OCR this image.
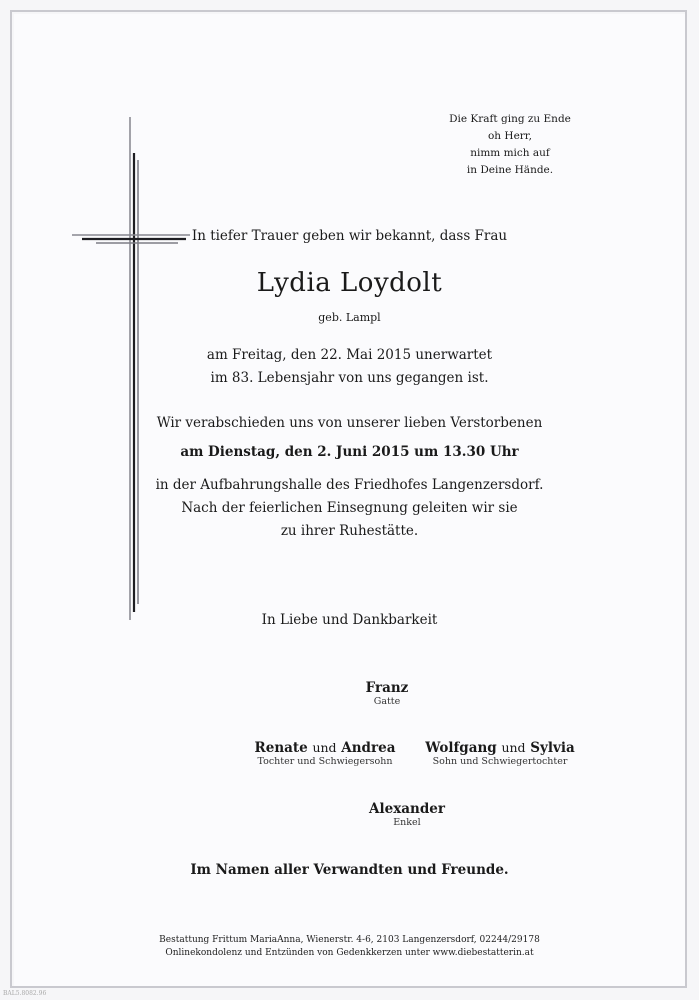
Die Kraft ging zu Ende
oh Herr,
nimm mich auf
in Deine Hände.
In tiefer Trauer geben wir bekannt, dass Frau
Lydia Loydolt
geb. Lampl
am Freitag, den 22. Mai 2015 unerwartet
im 83. Lebensjahr von uns gegangen ist.
Wir verabschieden uns von unserer lieben Verstorbenen
am Dienstag, den 2. Juni 2015 um 13.30 Uhr
in der Aufbahrungshalle des Friedhofes Langenzersdorf.
Nach der feierlichen Einsegnung geleiten wir sie
zu ihrer Ruhestätte.
In Liebe und Dankbarkeit
Franz
Gatte
Renate und Andrea
Tochter und Schwiegersohn
Wolfgang und Sylvia
Sohn und Schwiegertochter
Alexander
Enkel
Im Namen aller Verwandten und Freunde.
Bestattung Frittum MariaAnna, Wienerstr. 4-6, 2103 Langenzersdorf, 02244/29178
Onlinekondolenz und Entzünden von Gedenkkerzen unter www.diebestatterin.at
BAL5.8082.96
